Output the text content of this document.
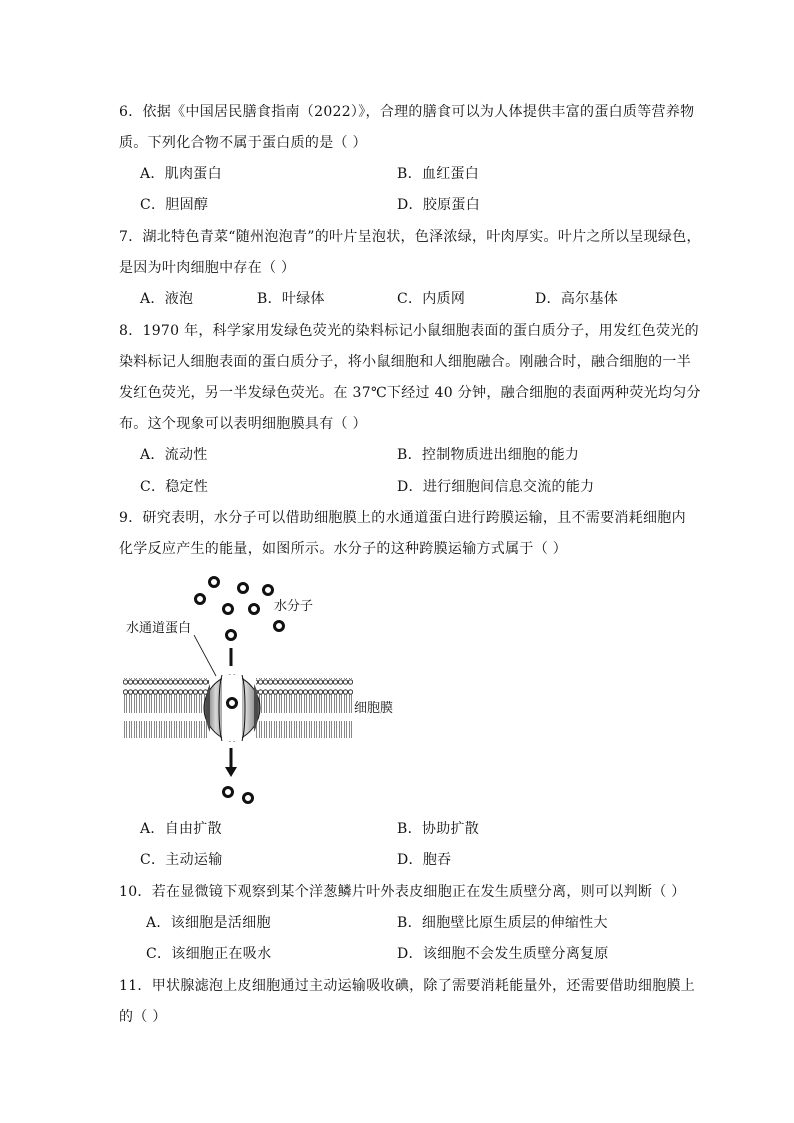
6．依据《中国居民膳食指南（2022）》，合理的膳食可以为人体提供丰富的蛋白质等营养物
质。下列化合物不属于蛋白质的是（ ）
A．肌肉蛋白	B．血红蛋白
C．胆固醇	D．胶原蛋白
7．湖北特色青菜“随州泡泡青”的叶片呈泡状，色泽浓绿，叶肉厚实。叶片之所以呈现绿色，
是因为叶肉细胞中存在（ ）
A．液泡	B．叶绿体	C．内质网	D．高尔基体
8．1970 年，科学家用发绿色荧光的染料标记小鼠细胞表面的蛋白质分子，用发红色荧光的
染料标记人细胞表面的蛋白质分子，将小鼠细胞和人细胞融合。刚融合时，融合细胞的一半
发红色荧光，另一半发绿色荧光。在 37℃下经过 40 分钟，融合细胞的表面两种荧光均匀分
布。这个现象可以表明细胞膜具有（ ）
A．流动性	B．控制物质进出细胞的能力
C．稳定性	D．进行细胞间信息交流的能力
9．研究表明，水分子可以借助细胞膜上的水通道蛋白进行跨膜运输，且不需要消耗细胞内
化学反应产生的能量，如图所示。水分子的这种跨膜运输方式属于（ ）
水分子
水通道蛋白
细胞膜
A．自由扩散	B．协助扩散
C．主动运输	D．胞吞
10．若在显微镜下观察到某个洋葱鳞片叶外表皮细胞正在发生质壁分离，则可以判断（ ）
A．该细胞是活细胞	B．细胞壁比原生质层的伸缩性大
C．该细胞正在吸水	D．该细胞不会发生质壁分离复原
11．甲状腺滤泡上皮细胞通过主动运输吸收碘，除了需要消耗能量外，还需要借助细胞膜上
的（ ）
